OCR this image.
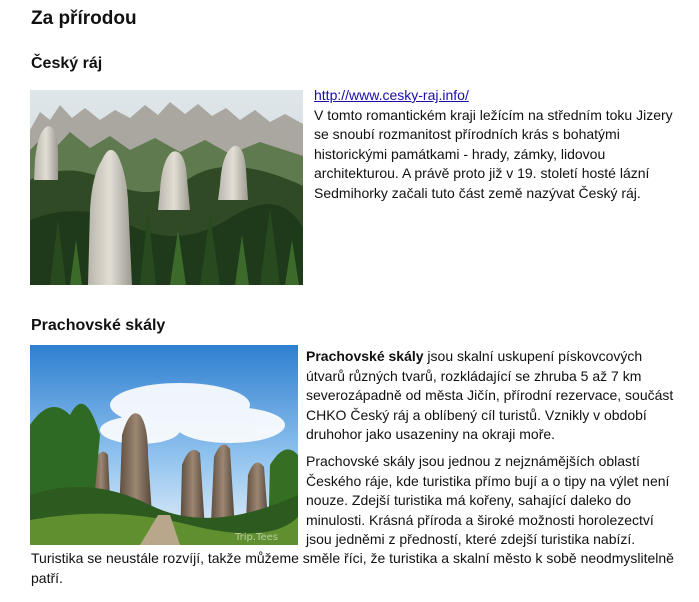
Za přírodou
Český ráj
http://www.cesky-raj.info/
V tomto romantickém kraji ležícím na středním toku Jizery se snoubí rozmanitost přírodních krás s bohatými historickými památkami - hrady, zámky, lidovou architekturou. A právě proto již v 19. století hosté lázní Sedmihorky začali tuto část země nazývat Český ráj.
Prachovské skály
Trip.Tees

Prachovské skály jsou skalní uskupení pískovcových útvarů různých tvarů, rozkládající se zhruba 5 až 7 km severozápadně od města Jičín, přírodní rezervace, součást CHKO Český ráj a oblíbený cíl turistů. Vznikly v období druhohor jako usazeniny na okraji moře.

Prachovské skály jsou jednou z nejznámějších oblastí Českého ráje, kde turistika přímo bují a o tipy na výlet není nouze. Zdejší turistika má kořeny, sahající daleko do minulosti. Krásná příroda a široké možnosti horolezectví jsou jedněmi z předností, které zdejší turistika nabízí.

Turistika se neustále rozvíjí, takže můžeme směle říci, že turistika a skalní město k sobě neodmyslitelně patří.
